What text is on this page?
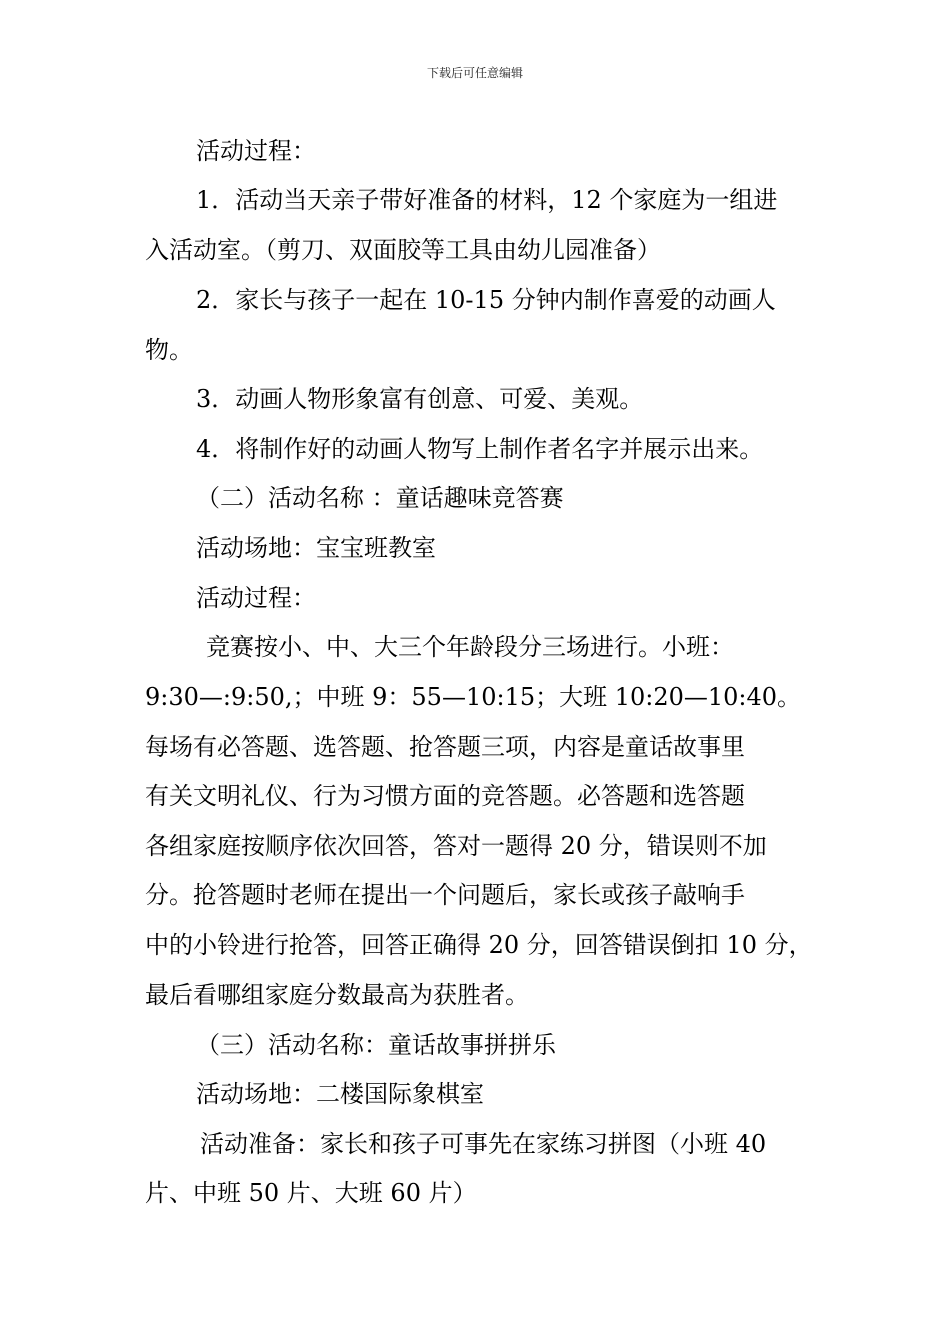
下载后可任意编辑
活动过程：
1．活动当天亲子带好准备的材料，12 个家庭为一组进
入活动室。（剪刀、双面胶等工具由幼儿园准备）
2．家长与孩子一起在 10-15 分钟内制作喜爱的动画人
物。
3．动画人物形象富有创意、可爱、美观。
4．将制作好的动画人物写上制作者名字并展示出来。
（二）活动名称 ：童话趣味竞答赛
活动场地：宝宝班教室
活动过程：
竞赛按小、中、大三个年龄段分三场进行。小班：
9:30—:9:50,；中班 9：55—10:15；大班 10:20—10:40。
每场有必答题、选答题、抢答题三项，内容是童话故事里
有关文明礼仪、行为习惯方面的竞答题。必答题和选答题
各组家庭按顺序依次回答，答对一题得 20 分，错误则不加
分。抢答题时老师在提出一个问题后，家长或孩子敲响手
中的小铃进行抢答，回答正确得 20 分，回答错误倒扣 10 分，
最后看哪组家庭分数最高为获胜者。
（三）活动名称：童话故事拼拼乐
活动场地：二楼国际象棋室
活动准备：家长和孩子可事先在家练习拼图（小班 40
片、中班 50 片、大班 60 片）
